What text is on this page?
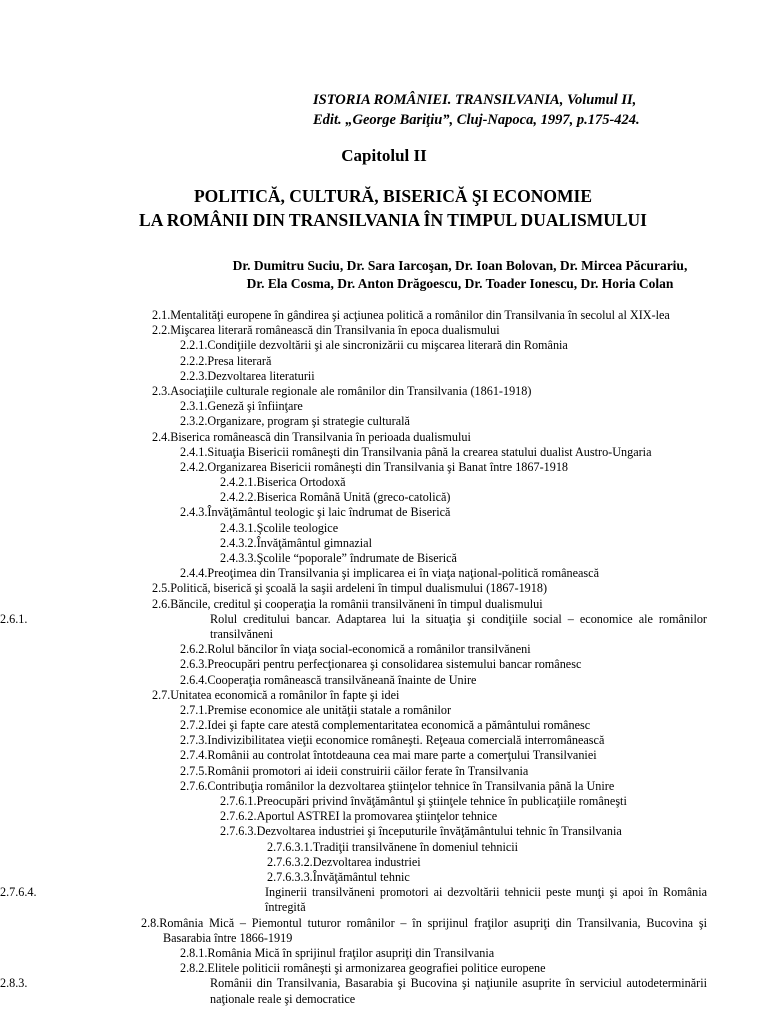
ISTORIA ROMÂNIEI. TRANSILVANIA, Volumul II,
Edit. „George Bariţiu”, Cluj-Napoca, 1997, p.175-424.
Capitolul II
POLITICĂ, CULTURĂ, BISERICĂ ŞI ECONOMIE
LA ROMÂNII DIN TRANSILVANIA ÎN TIMPUL DUALISMULUI
Dr. Dumitru Suciu, Dr. Sara Iarcoşan, Dr. Ioan Bolovan, Dr. Mircea Păcurariu,
Dr. Ela Cosma, Dr. Anton Drăgoescu, Dr. Toader Ionescu, Dr. Horia Colan
2.1.Mentalităţi europene în gândirea şi acţiunea politică a românilor din Transilvania în secolul al XIX-lea
2.2.Mişcarea literară românească din Transilvania în epoca dualismului
2.2.1.Condiţiile dezvoltării şi ale sincronizării cu mişcarea literară din România
2.2.2.Presa literară
2.2.3.Dezvoltarea literaturii
2.3.Asociaţiile culturale regionale ale românilor din Transilvania (1861-1918)
2.3.1.Geneză şi înfiinţare
2.3.2.Organizare, program şi strategie culturală
2.4.Biserica românească din Transilvania în perioada dualismului
2.4.1.Situaţia Bisericii româneşti din Transilvania până la crearea statului dualist Austro-Ungaria
2.4.2.Organizarea Bisericii româneşti din Transilvania şi Banat între 1867-1918
2.4.2.1.Biserica Ortodoxă
2.4.2.2.Biserica Română Unită (greco-catolică)
2.4.3.Învăţământul teologic şi laic îndrumat de Biserică
2.4.3.1.Şcolile teologice
2.4.3.2.Învăţământul gimnazial
2.4.3.3.Şcolile “poporale” îndrumate de Biserică
2.4.4.Preoţimea din Transilvania şi implicarea ei în viaţa naţional-politică românească
2.5.Politică, biserică şi şcoală la saşii ardeleni în timpul dualismului (1867-1918)
2.6.Băncile, creditul şi cooperaţia la românii transilvăneni în timpul dualismului
2.6.1.	Rolul creditului bancar. Adaptarea lui la situaţia şi condiţiile social – economice ale românilor transilvăneni
2.6.2.Rolul băncilor în viaţa social-economică a românilor transilvăneni
2.6.3.Preocupări pentru perfecţionarea şi consolidarea sistemului bancar românesc
2.6.4.Cooperaţia românească transilvăneană înainte de Unire
2.7.Unitatea economică a românilor în fapte şi idei
2.7.1.Premise economice ale unităţii statale a românilor
2.7.2.Idei şi fapte care atestă complementaritatea economică a pământului românesc
2.7.3.Indivizibilitatea vieţii economice româneşti. Reţeaua comercială interromânească
2.7.4.Românii au controlat întotdeauna cea mai mare parte a comerţului Transilvaniei
2.7.5.Românii promotori ai ideii construirii căilor ferate în Transilvania
2.7.6.Contribuţia românilor la dezvoltarea ştiinţelor tehnice în Transilvania până la Unire
2.7.6.1.Preocupări privind învăţământul şi ştiinţele tehnice în publicaţiile româneşti
2.7.6.2.Aportul ASTREI la promovarea ştiinţelor tehnice
2.7.6.3.Dezvoltarea industriei şi începuturile învăţământului tehnic în Transilvania
2.7.6.3.1.Tradiţii transilvănene în domeniul tehnicii
2.7.6.3.2.Dezvoltarea industriei
2.7.6.3.3.Învăţământul tehnic
2.7.6.4.	Inginerii transilvăneni promotori ai dezvoltării tehnicii peste munţi şi apoi în România întregită
2.8.România Mică – Piemontul tuturor românilor – în sprijinul fraţilor asupriţi din Transilvania, Bucovina şi Basarabia între 1866-1919
2.8.1.România Mică în sprijinul fraţilor asupriţi din Transilvania
2.8.2.Elitele politicii româneşti şi armonizarea geografiei politice europene
2.8.3.	Românii din Transilvania, Basarabia şi Bucovina şi naţiunile asuprite în serviciul autodeterminării naţionale reale şi democratice
